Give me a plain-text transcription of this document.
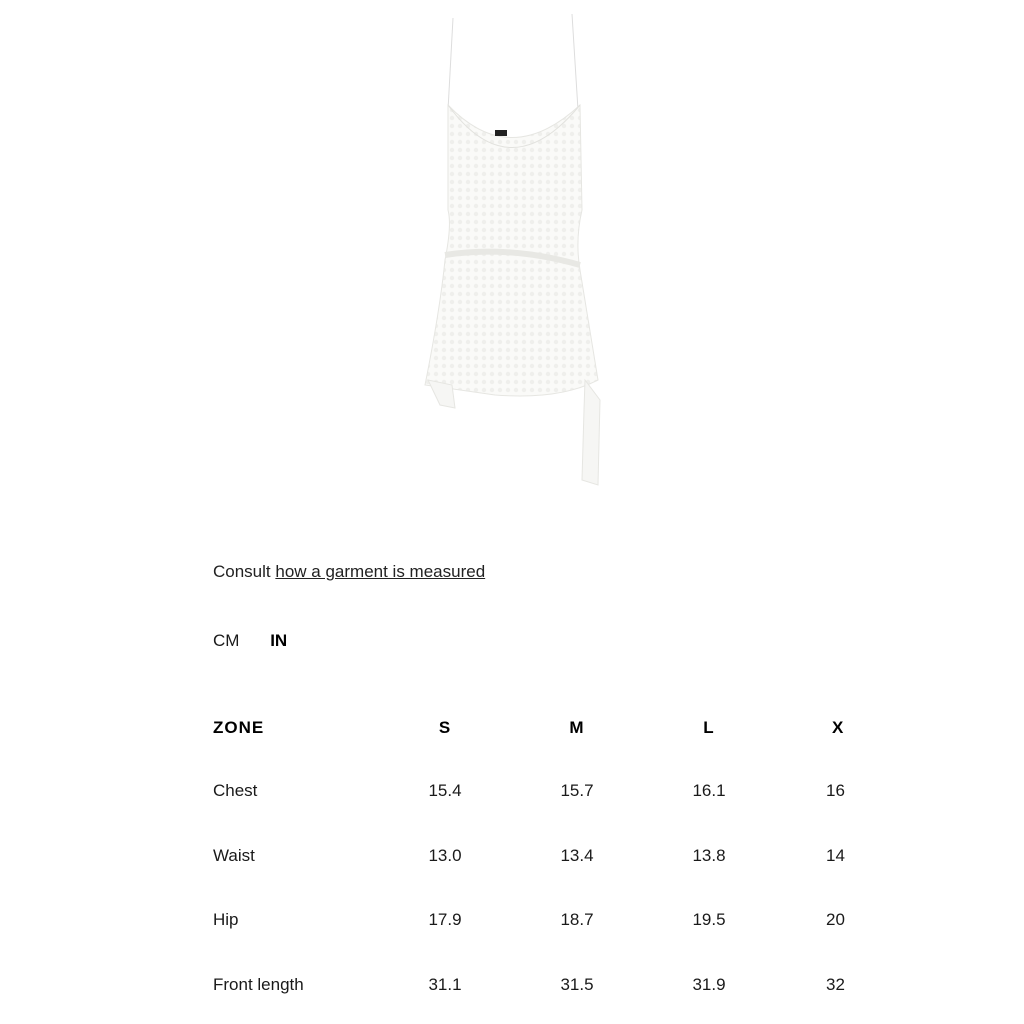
Consult how a garment is measured
CM IN
ZONE	S	M	L	X
Chest	15.4	15.7	16.1	16
Waist	13.0	13.4	13.8	14
Hip	17.9	18.7	19.5	20
Front length	31.1	31.5	31.9	32
